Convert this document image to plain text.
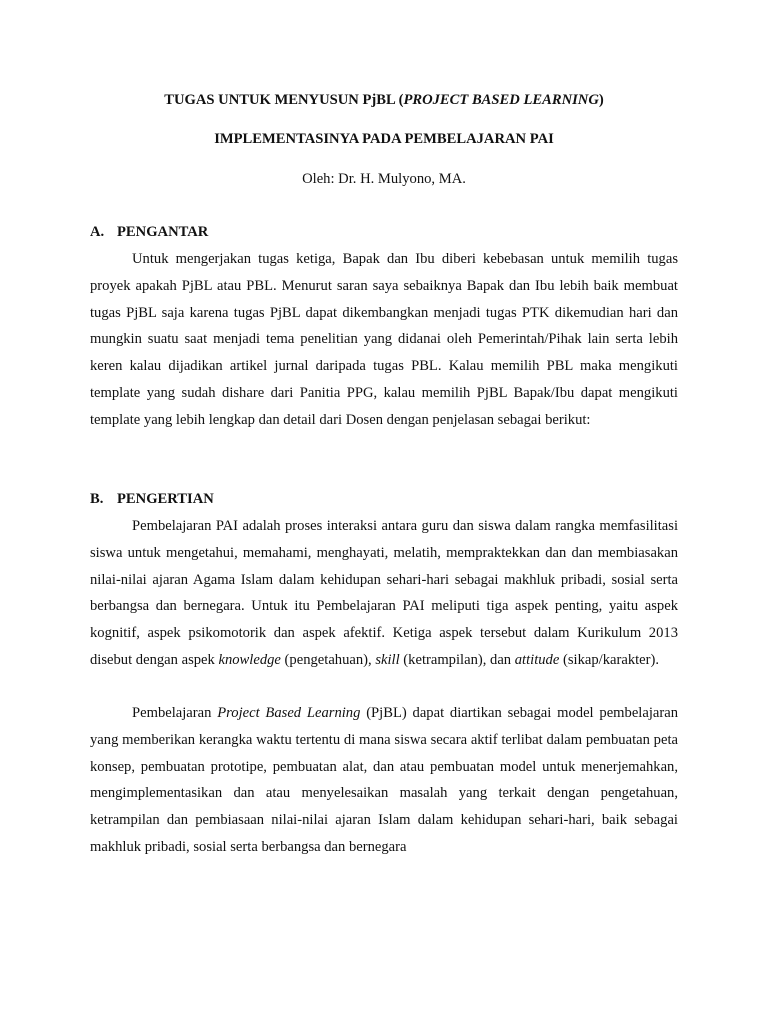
TUGAS UNTUK MENYUSUN PjBL (PROJECT BASED LEARNING)
IMPLEMENTASINYA PADA PEMBELAJARAN PAI
Oleh: Dr. H. Mulyono, MA.
A. PENGANTAR

Untuk mengerjakan tugas ketiga, Bapak dan Ibu diberi kebebasan untuk memilih tugas proyek apakah PjBL atau PBL. Menurut saran saya sebaiknya Bapak dan Ibu lebih baik membuat tugas PjBL saja karena tugas PjBL dapat dikembangkan menjadi tugas PTK dikemudian hari dan mungkin suatu saat menjadi tema penelitian yang didanai oleh Pemerintah/Pihak lain serta lebih keren kalau dijadikan artikel jurnal daripada tugas PBL. Kalau memilih PBL maka mengikuti template yang sudah dishare dari Panitia PPG, kalau memilih PjBL Bapak/Ibu dapat mengikuti template yang lebih lengkap dan detail dari Dosen dengan penjelasan sebagai berikut:

B. PENGERTIAN

Pembelajaran PAI adalah proses interaksi antara guru dan siswa dalam rangka memfasilitasi siswa untuk mengetahui, memahami, menghayati, melatih, mempraktekkan dan dan membiasakan nilai-nilai ajaran Agama Islam dalam kehidupan sehari-hari sebagai makhluk pribadi, sosial serta berbangsa dan bernegara. Untuk itu Pembelajaran PAI meliputi tiga aspek penting, yaitu aspek kognitif, aspek psikomotorik dan aspek afektif. Ketiga aspek tersebut dalam Kurikulum 2013 disebut dengan aspek knowledge (pengetahuan), skill (ketrampilan), dan attitude (sikap/karakter).

Pembelajaran Project Based Learning (PjBL) dapat diartikan sebagai model pembelajaran yang memberikan kerangka waktu tertentu di mana siswa secara aktif terlibat dalam pembuatan peta konsep, pembuatan prototipe, pembuatan alat, dan atau pembuatan model untuk menerjemahkan, mengimplementasikan dan atau menyelesaikan masalah yang terkait dengan pengetahuan, ketrampilan dan pembiasaan nilai-nilai ajaran Islam dalam kehidupan sehari-hari, baik sebagai makhluk pribadi, sosial serta berbangsa dan bernegara
